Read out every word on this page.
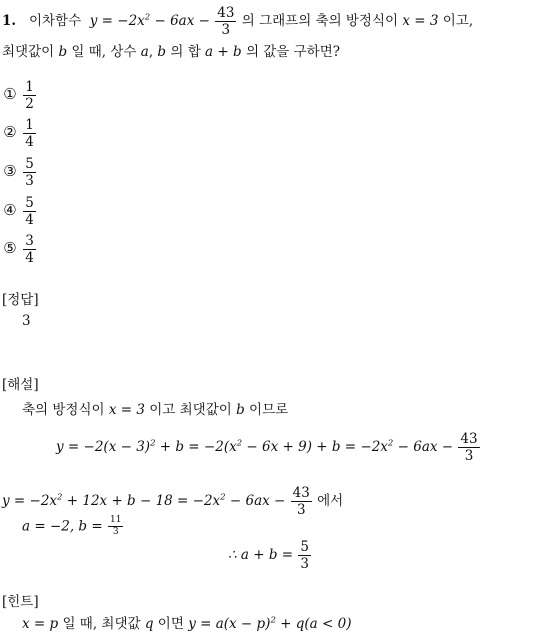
1. 이차함수 $y = -2x^2 - 6ax - \frac{43}{3}$ 의 그래프의 축의 방정식이 x = 3 이고,
최댓값이 b 일 때, 상수 a, b 의 합 a + b 의 값을 구하면?
① $\frac{1}{2}$
② $\frac{1}{4}$
③ $\frac{5}{3}$
④ $\frac{5}{4}$
⑤ $\frac{3}{4}$
[정답]
3
[해설]
축의 방정식이 x = 3 이고 최댓값이 b 이므로
$y = -2(x - 3)^2 + b = -2(x^2 - 6x + 9) + b = -2x^2 - 6ax - \frac{43}{3}$
$y = -2x^2 + 12x + b - 18 = -2x^2 - 6ax - \frac{43}{3}$ 에서
a = −2, $b = \frac{11}{3}$
∴ $a + b = \frac{5}{3}$
[힌트]
x = p 일 때, 최댓값 q 이면 $y = a(x - p)^2 + q(a < 0)$
